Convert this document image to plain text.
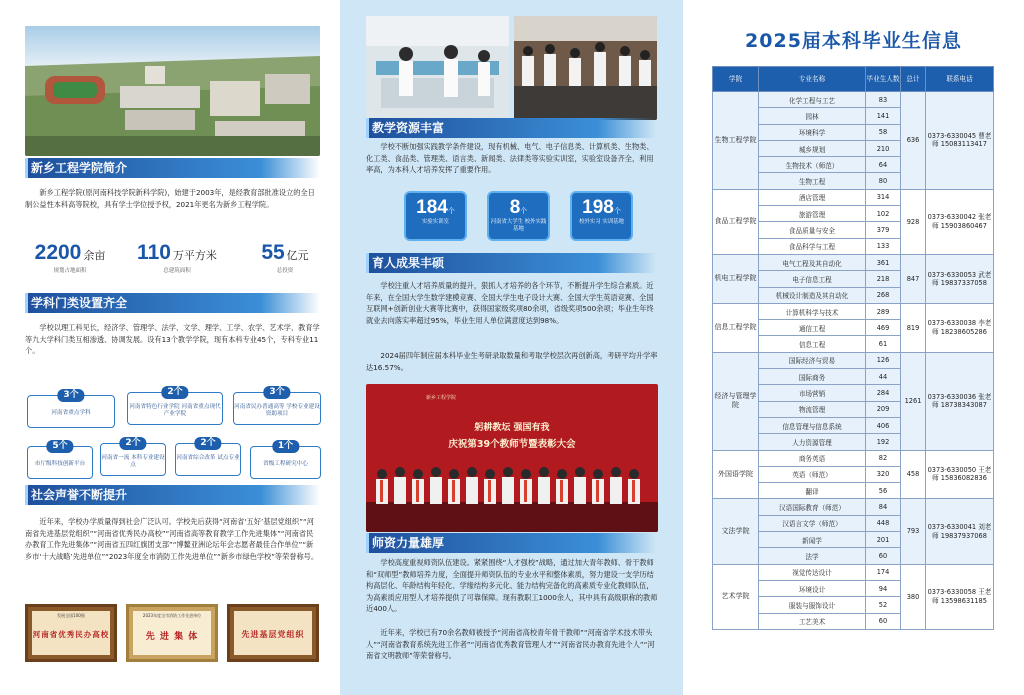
新乡工程学院简介
新乡工程学院(原河南科技学院新科学院)，始建于2003年，是经教育部批准设立的全日制公益性本科高等院校，具有学士学位授予权，2021年更名为新乡工程学院。
2200 余亩
规划占地面积
110 万平方米
总建筑面积
55 亿元
总投资
学科门类设置齐全
学校以理工科见长，经济学、管理学、法学、文学、理学、工学、农学、艺术学、教育学等九大学科门类互相渗透、协调发展。设有13个教学学院，现有本科专业45个，专科专业11个。
3个
河南省重点学科
2个
河南省特色行业学院 河南省重点现代产业学院
3个
河南省民办普通高等 学校专业建设资助项目
5个
市厅级科技创新平台
2个
河南省一流 本科专业建设点
2个
河南省综合改革 试点专业
1个
省级工程研究中心
社会声誉不断提升
近年来，学校办学质量得到社会广泛认可。学校先后获得“河南省‘五好’基层党组织”“河南省先进基层党组织”“河南省优秀民办高校”“河南省高等教育教学工作先进集体”“河南省民办教育工作先进集体”“河南省五四红旗团支部”“博鳌亚洲论坛年会志愿者最佳合作单位”“新乡市‘十大战略’先进单位”“2023年度全市消防工作先进单位”“新乡市绿色学校”等荣誉称号。
发展全国100强
河南省优秀民办高校
2023年度全市消防工作先进单位
先 进 集 体	先进基层党组织
教学资源丰富
学校不断加强实践教学条件建设，现有机械、电气、电子信息类、计算机类、生物类、化工类、食品类、管理类、语言类、新闻类、法律类等实验实训室，实验室设备齐全，利用率高，为本科人才培养发挥了重要作用。
184个
实验实训室
8个
河南省大学生 校外实践基地
198个
校外实习 实训基地
育人成果丰硕
学校注重人才培养质量的提升，狠抓人才培养的各个环节，不断提升学生综合素质。近年来，在全国大学生数学建模竞赛、全国大学生电子设计大赛、全国大学生英语竞赛、全国互联网+创新创业大赛等比赛中，获得国家级奖项80余项，省级奖项500余项；毕业生年终就业去向落实率超过95%，毕业生用人单位满意度达到98%。
2024届四年制应届本科毕业生考研录取数量和考取学校层次再创新高，考研平均升学率达16.57%。
新乡工程学院
躬耕教坛 强国有我
庆祝第39个教师节暨表彰大会
师资力量雄厚
学校高度重视师资队伍建设。紧紧围绕“人才强校”战略，通过加大青年教师、骨干教师和“双师型”教师培养力度，全面提升师资队伍的专业水平和整体素质，努力建设一支学历结构高层化、年龄结构年轻化、学缘结构多元化、能力结构完备化的高素质专业化教师队伍，为高素质应用型人才培养提供了可靠保障。现有教职工1000余人，其中具有高级职称的教师近400人。
近年来，学校已有70余名教师被授予“河南省高校青年骨干教师”“河南省学术技术带头人”“河南省教育系统先进工作者”“河南省优秀教育管理人才”“河南省民办教育先进个人”“河南省文明教师”等荣誉称号。
2025届本科毕业生信息
学院	专业名称	毕业生人数	总计	联系电话
生物工程学院	化学工程与工艺	83	636	0373-6330045 曹老师 15083113417
	园林	141		
	环境科学	58		
	城乡规划	210		
	生物技术（师范）	64		
	生物工程	80		
食品工程学院	酒店管理	314	928	0373-6330042 张老师 15903860467
	旅游管理	102		
	食品质量与安全	379		
	食品科学与工程	133		
机电工程学院	电气工程及其自动化	361	847	0373-6330053 武老师 19837337058
	电子信息工程	218		
	机械设计制造及其自动化	268		
信息工程学院	计算机科学与技术	289	819	0373-6330038 李老师 18238605286
	通信工程	469		
	信息工程	61		
经济与管理学院	国际经济与贸易	126	1261	0373-6330036 张老师 18738343087
	国际商务	44		
	市场营销	284		
	物流管理	209		
	信息管理与信息系统	406		
	人力资源管理	192		
外国语学院	商务英语	82	458	0373-6330050 王老师 15836082836
	英语（师范）	320		
	翻译	56		
文法学院	汉语国际教育（师范）	84	793	0373-6330041 刘老师 19837937068
	汉语言文学（师范）	448		
	新闻学	201		
	法学	60		
艺术学院	视觉传达设计	174	380	0373-6330058 王老师 13598631185
	环境设计	94		
	服装与服饰设计	52		
	工艺美术	60		
